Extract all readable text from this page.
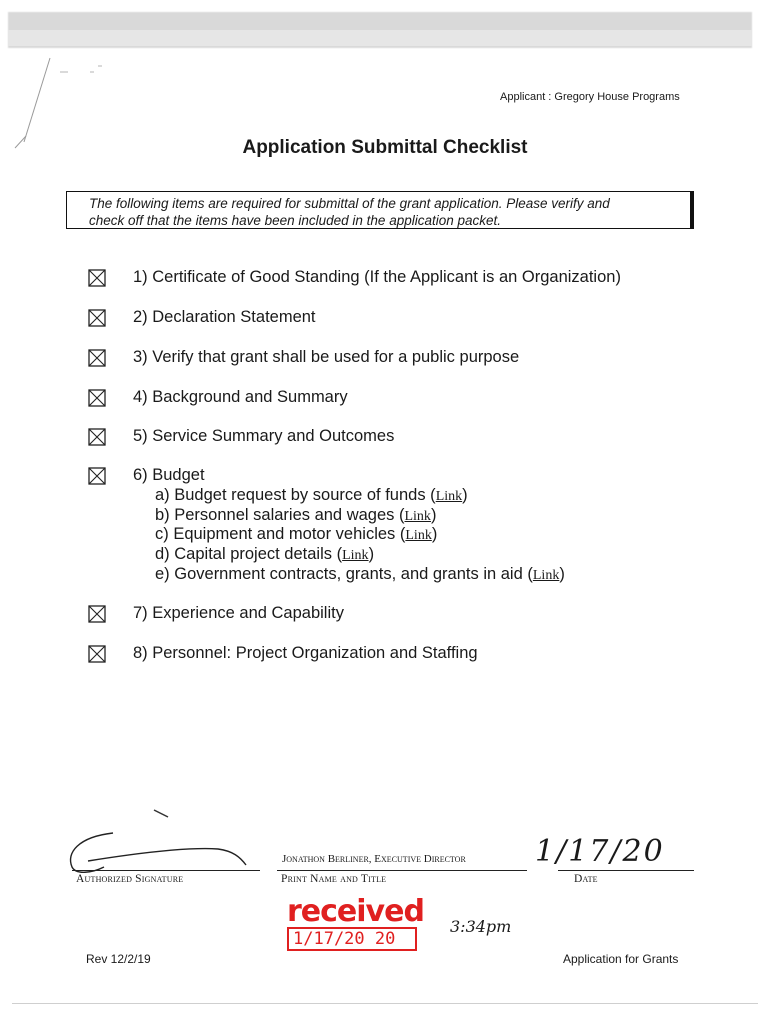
Applicant : Gregory House Programs
Application Submittal Checklist
The following items are required for submittal of the grant application. Please verify and
check off that the items have been included in the application packet.
1) Certificate of Good Standing (If the Applicant is an Organization)
2) Declaration Statement
3) Verify that grant shall be used for a public purpose
4) Background and Summary
5) Service Summary and Outcomes
6) Budget
a) Budget request by source of funds (Link)
b) Personnel salaries and wages (Link)
c) Equipment and motor vehicles (Link)
d) Capital project details (Link)
e) Government contracts, grants, and grants in aid (Link)
7) Experience and Capability
8) Personnel: Project Organization and Staffing
Authorized Signature
Jonathon Berliner, Executive Director
Print Name and Title
1/17/20
Date
received
1/17/20 20
3:34pm
Rev 12/2/19	Application for Grants
